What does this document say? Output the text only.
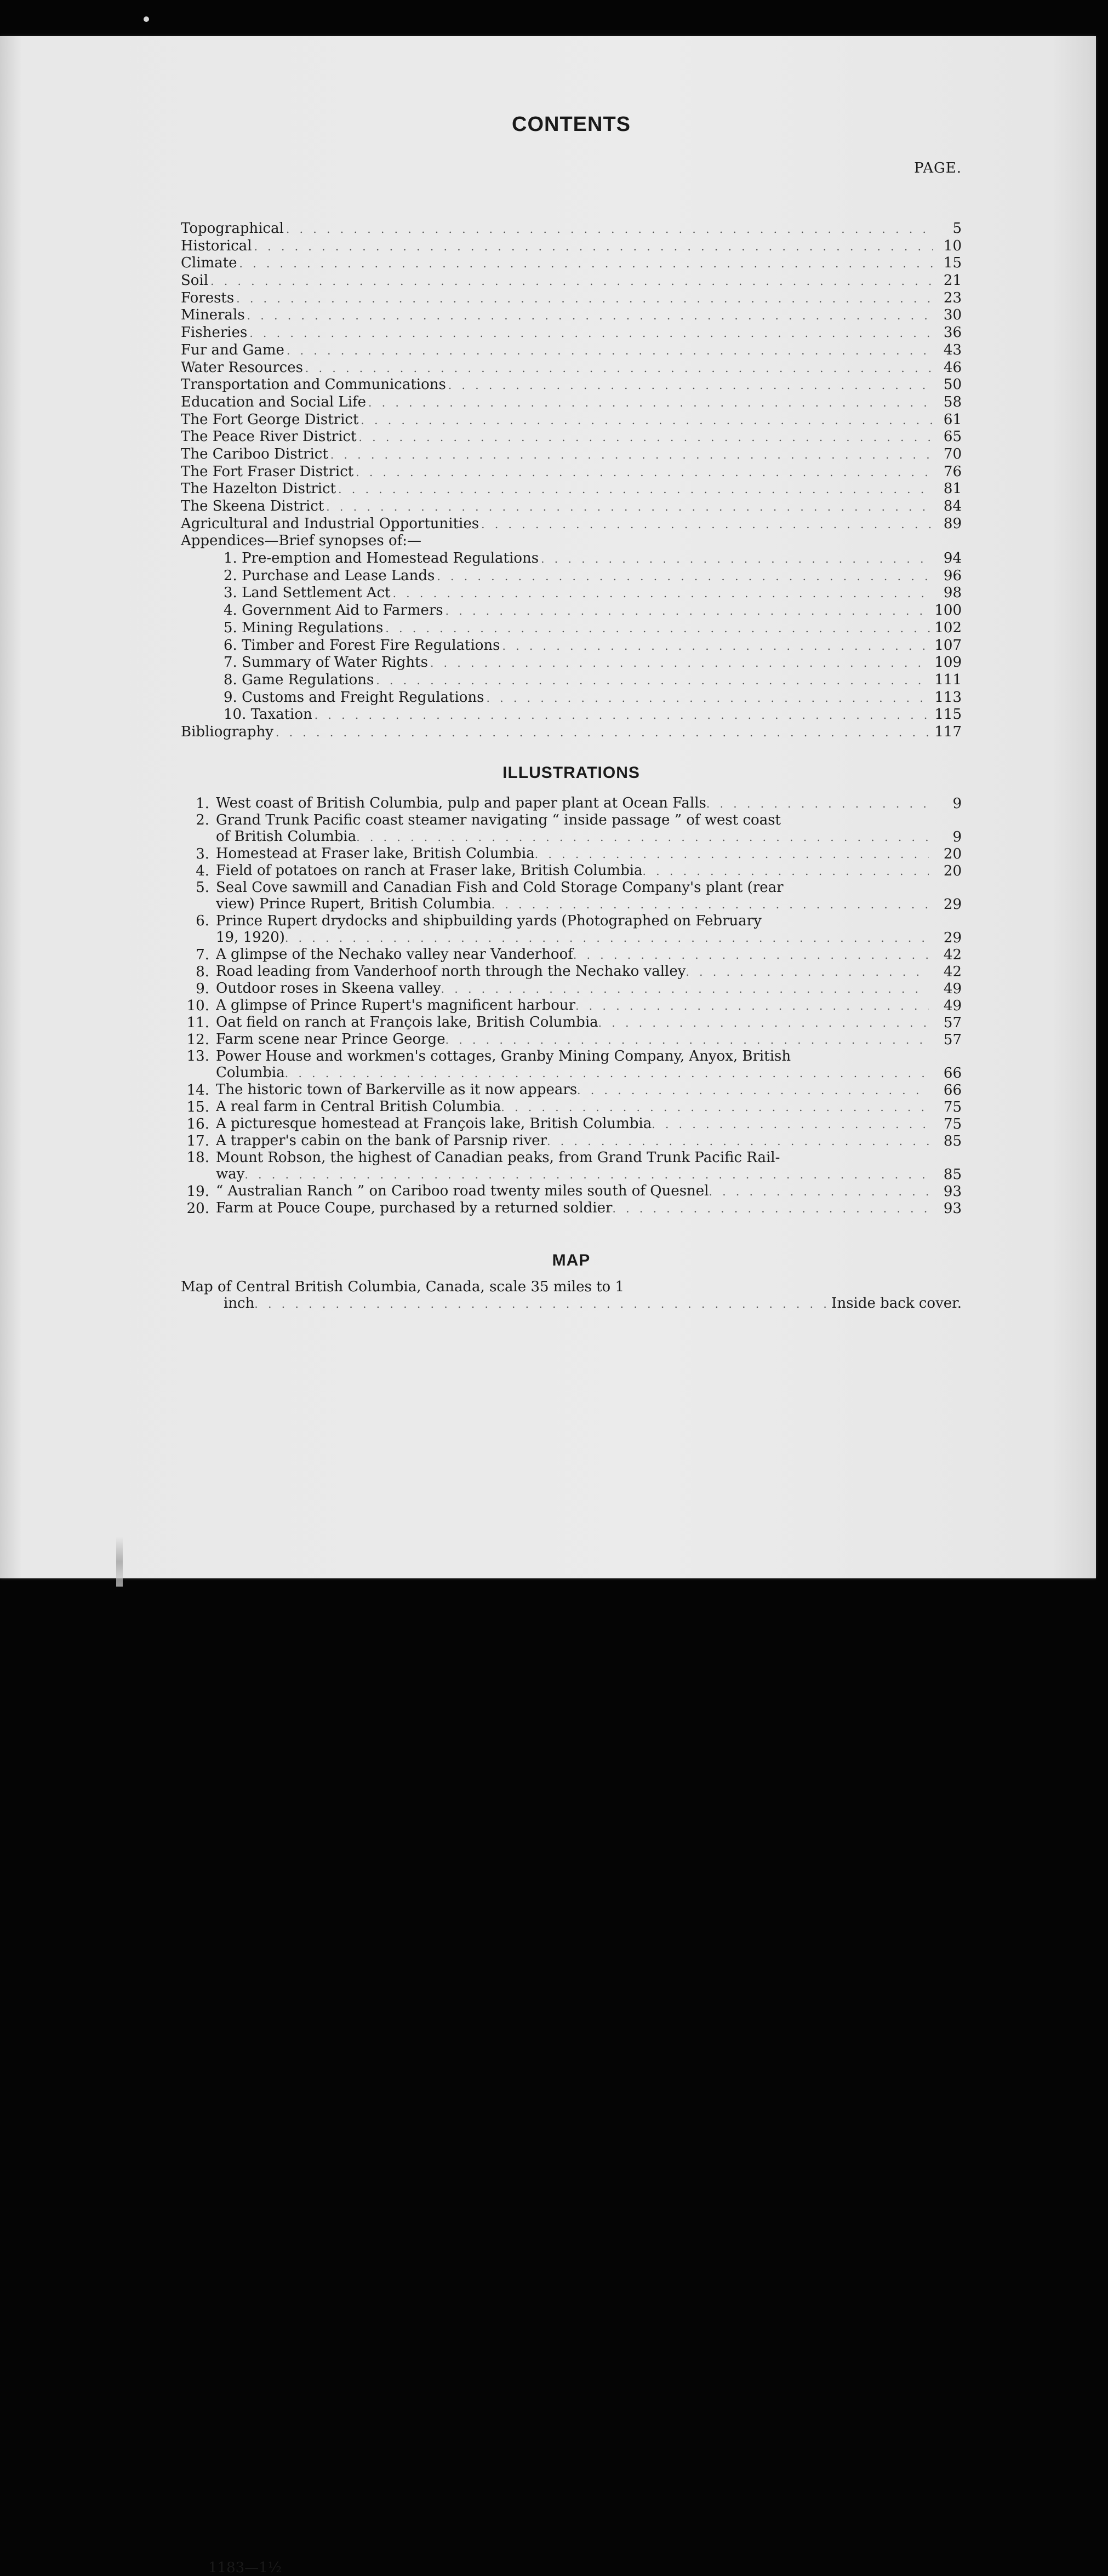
CONTENTS
PAGE.
Topographical . . .	5
Historical . . .	10
Climate . . .	15
Soil . . .	21
Forests . . .	23
Minerals . . .	30
Fisheries . . .	36
Fur and Game . . .	43
Water Resources . . .	46
Transportation and Communications . . .	50
Education and Social Life . . .	58
The Fort George District . . .	61
The Peace River District . . .	65
The Cariboo District . . .	70
The Fort Fraser District . . .	76
The Hazelton District . . .	81
The Skeena District . . .	84
Agricultural and Industrial Opportunities . . .	89
Appendices—Brief synopses of:—
1. Pre-emption and Homestead Regulations . . .	94
2. Purchase and Lease Lands . . .	96
3. Land Settlement Act . . .	98
4. Government Aid to Farmers . . .	100
5. Mining Regulations . . .	102
6. Timber and Forest Fire Regulations . . .	107
7. Summary of Water Rights . . .	109
8. Game Regulations . . .	111
9. Customs and Freight Regulations . . .	113
10. Taxation . . .	115
Bibliography . . .	117
ILLUSTRATIONS
1. West coast of British Columbia, pulp and paper plant at Ocean Falls . . .	9
2. Grand Trunk Pacific coast steamer navigating “ inside passage ” of west coast
of British Columbia . . .	9
3. Homestead at Fraser lake, British Columbia . . .	20
4. Field of potatoes on ranch at Fraser lake, British Columbia . . .	20
5. Seal Cove sawmill and Canadian Fish and Cold Storage Company's plant (rear
view) Prince Rupert, British Columbia . . .	29
6. Prince Rupert drydocks and shipbuilding yards (Photographed on February
19, 1920) . . .	29
7. A glimpse of the Nechako valley near Vanderhoof . . .	42
8. Road leading from Vanderhoof north through the Nechako valley . . .	42
9. Outdoor roses in Skeena valley . . .	49
10. A glimpse of Prince Rupert's magnificent harbour . . .	49
11. Oat field on ranch at François lake, British Columbia . . .	57
12. Farm scene near Prince George . . .	57
13. Power House and workmen's cottages, Granby Mining Company, Anyox, British
Columbia . . .	66
14. The historic town of Barkerville as it now appears . . .	66
15. A real farm in Central British Columbia . . .	75
16. A picturesque homestead at François lake, British Columbia . . .	75
17. A trapper's cabin on the bank of Parsnip river . . .	85
18. Mount Robson, the highest of Canadian peaks, from Grand Trunk Pacific Rail-
way . . .	85
19. “ Australian Ranch ” on Cariboo road twenty miles south of Quesnel . . .	93
20. Farm at Pouce Coupe, purchased by a returned soldier . . .	93
MAP
Map of Central British Columbia, Canada, scale 35 miles to 1
inch . . .	Inside back cover.
1183—1½
